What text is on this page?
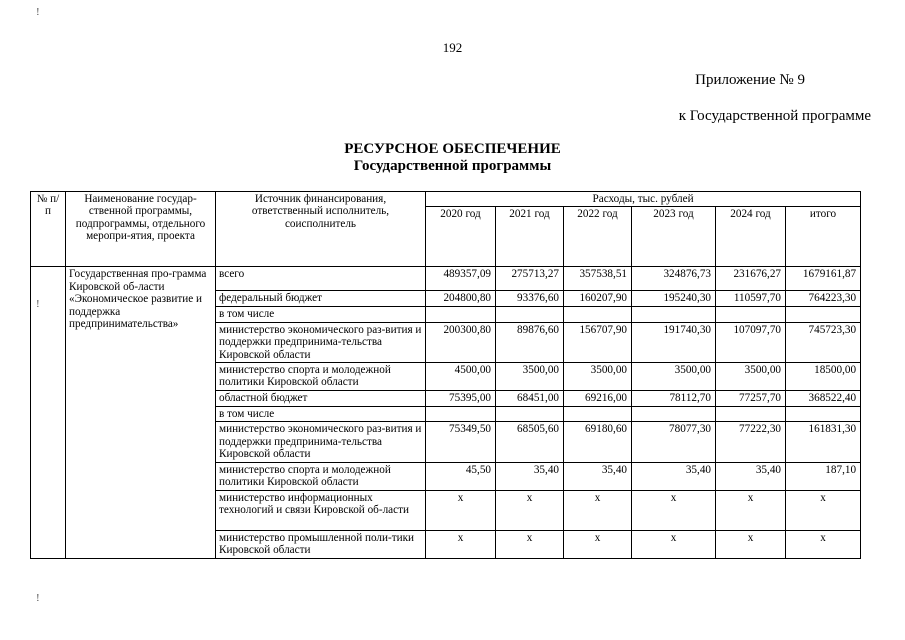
192
Приложение № 9
к Государственной программе
РЕСУРСНОЕ ОБЕСПЕЧЕНИЕ
Государственной программы
!
!
!
№ п/п	Наименование государ-ственной программы, подпрограммы, отдельного меропри-ятия, проекта	Источник финансирования, ответственный исполнитель, соисполнитель	Расходы, тыс. рублей					
			2020 год	2021 год	2022 год	2023 год	2024 год	итого
	Государственная про-грамма Кировской об-ласти «Экономическое развитие и поддержка предпринимательства»	всего	489357,09	275713,27	357538,51	324876,73	231676,27	1679161,87
		федеральный бюджет	204800,80	93376,60	160207,90	195240,30	110597,70	764223,30
		в том числе						
		министерство экономического раз-вития и поддержки предпринима-тельства Кировской области	200300,80	89876,60	156707,90	191740,30	107097,70	745723,30
		министерство спорта и молодежной политики Кировской области	4500,00	3500,00	3500,00	3500,00	3500,00	18500,00
		областной бюджет	75395,00	68451,00	69216,00	78112,70	77257,70	368522,40
		в том числе						
		министерство экономического раз-вития и поддержки предпринима-тельства Кировской области	75349,50	68505,60	69180,60	78077,30	77222,30	161831,30
		министерство спорта и молодежной политики Кировской области	45,50	35,40	35,40	35,40	35,40	187,10
		министерство информационных технологий и связи Кировской об-ласти	x	x	x	x	x	x
		министерство промышленной поли-тики Кировской области	x	x	x	x	x	x
